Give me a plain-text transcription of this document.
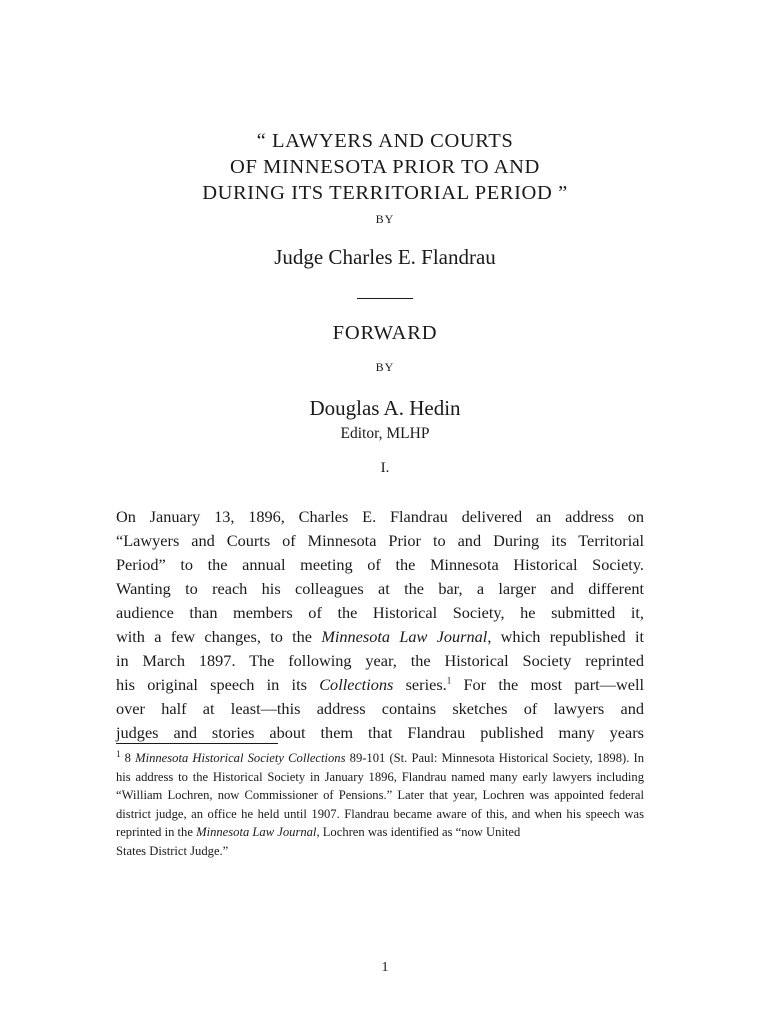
“ LAWYERS AND COURTS
OF MINNESOTA PRIOR TO AND
DURING ITS TERRITORIAL PERIOD ”
BY
Judge Charles E. Flandrau
FORWARD
BY
Douglas A. Hedin
Editor, MLHP
I.
On January 13, 1896, Charles E. Flandrau delivered an address on
“Lawyers and Courts of Minnesota Prior to and During its Territorial
Period” to the annual meeting of the Minnesota Historical Society.
Wanting to reach his colleagues at the bar, a larger and different
audience than members of the Historical Society, he submitted it,
with a few changes, to the Minnesota Law Journal, which republished it
in March 1897. The following year, the Historical Society reprinted
his original speech in its Collections series.$^1$ For the most part—well
over half at least—this address contains sketches of lawyers and
judges and stories about them that Flandrau published many years
$^1$ 8 Minnesota Historical Society Collections 89-101 (St. Paul: Minnesota Historical Society, 1898). In his address to the Historical Society in January 1896, Flandrau named many early lawyers including “William Lochren, now Commissioner of Pensions.” Later that year, Lochren was appointed federal district judge, an office he held until 1907. Flandrau became aware of this, and when his speech was reprinted in the Minnesota Law Journal, Lochren was identified as “now United
States District Judge.”
1
